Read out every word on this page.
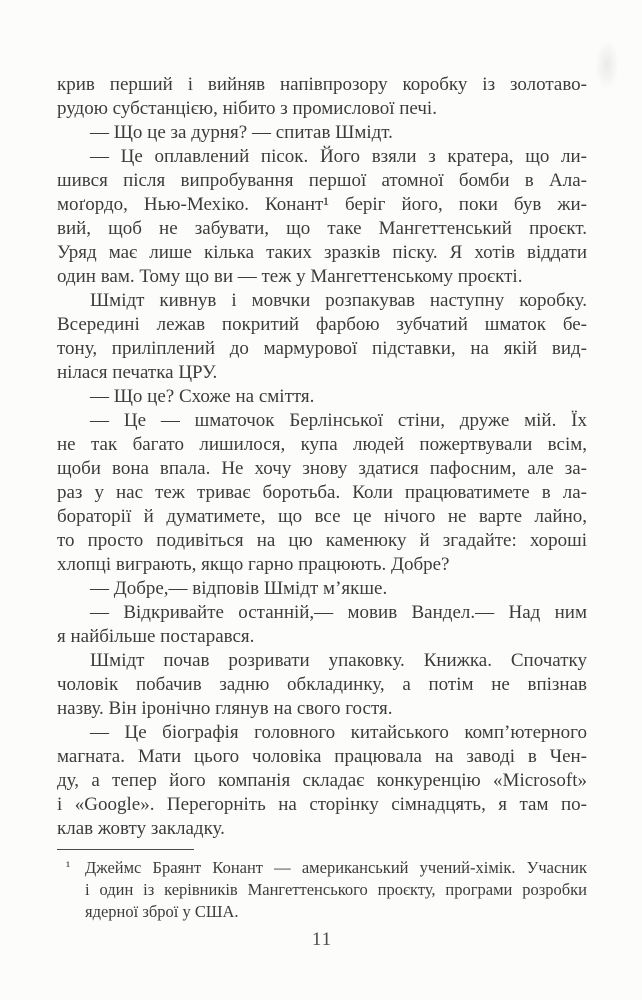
крив перший і вийняв напівпрозору коробку із золотаво-
рудою субстанцією, нібито з промислової печі.
— Що це за дурня? — спитав Шмідт.
— Це оплавлений пісок. Його взяли з кратера, що ли-
шився після випробування першої атомної бомби в Ала-
моґордо, Нью-Мехіко. Конант¹ беріг його, поки був жи-
вий, щоб не забувати, що таке Мангеттенський проєкт.
Уряд має лише кілька таких зразків піску. Я хотів віддати
один вам. Тому що ви — теж у Мангеттенському проєкті.
Шмідт кивнув і мовчки розпакував наступну коробку.
Всередині лежав покритий фарбою зубчатий шматок бе-
тону, приліплений до мармурової підставки, на якій вид-
нілася печатка ЦРУ.
— Що це? Схоже на сміття.
— Це — шматочок Берлінської стіни, друже мій. Їх
не так багато лишилося, купа людей пожертвували всім,
щоби вона впала. Не хочу знову здатися пафосним, але за-
раз у нас теж триває боротьба. Коли працюватимете в ла-
бораторії й думатимете, що все це нічого не варте лайно,
то просто подивіться на цю каменюку й згадайте: хороші
хлопці виграють, якщо гарно працюють. Добре?
— Добре,— відповів Шмідт м’якше.
— Відкривайте останній,— мовив Вандел.— Над ним
я найбільше постарався.
Шмідт почав розривати упаковку. Книжка. Спочатку
чоловік побачив задню обкладинку, а потім не впізнав
назву. Він іронічно глянув на свого гостя.
— Це біографія головного китайського комп’ютерного
магната. Мати цього чоловіка працювала на заводі в Чен-
ду, а тепер його компанія складає конкуренцію «Microsoft»
і «Google». Перегорніть на сторінку сімнадцять, я там по-
клав жовту закладку.
¹ Джеймс Браянт Конант — американський учений-хімік. Учасник
і один із керівників Мангеттенського проєкту, програми розробки
ядерної зброї у США.
11
